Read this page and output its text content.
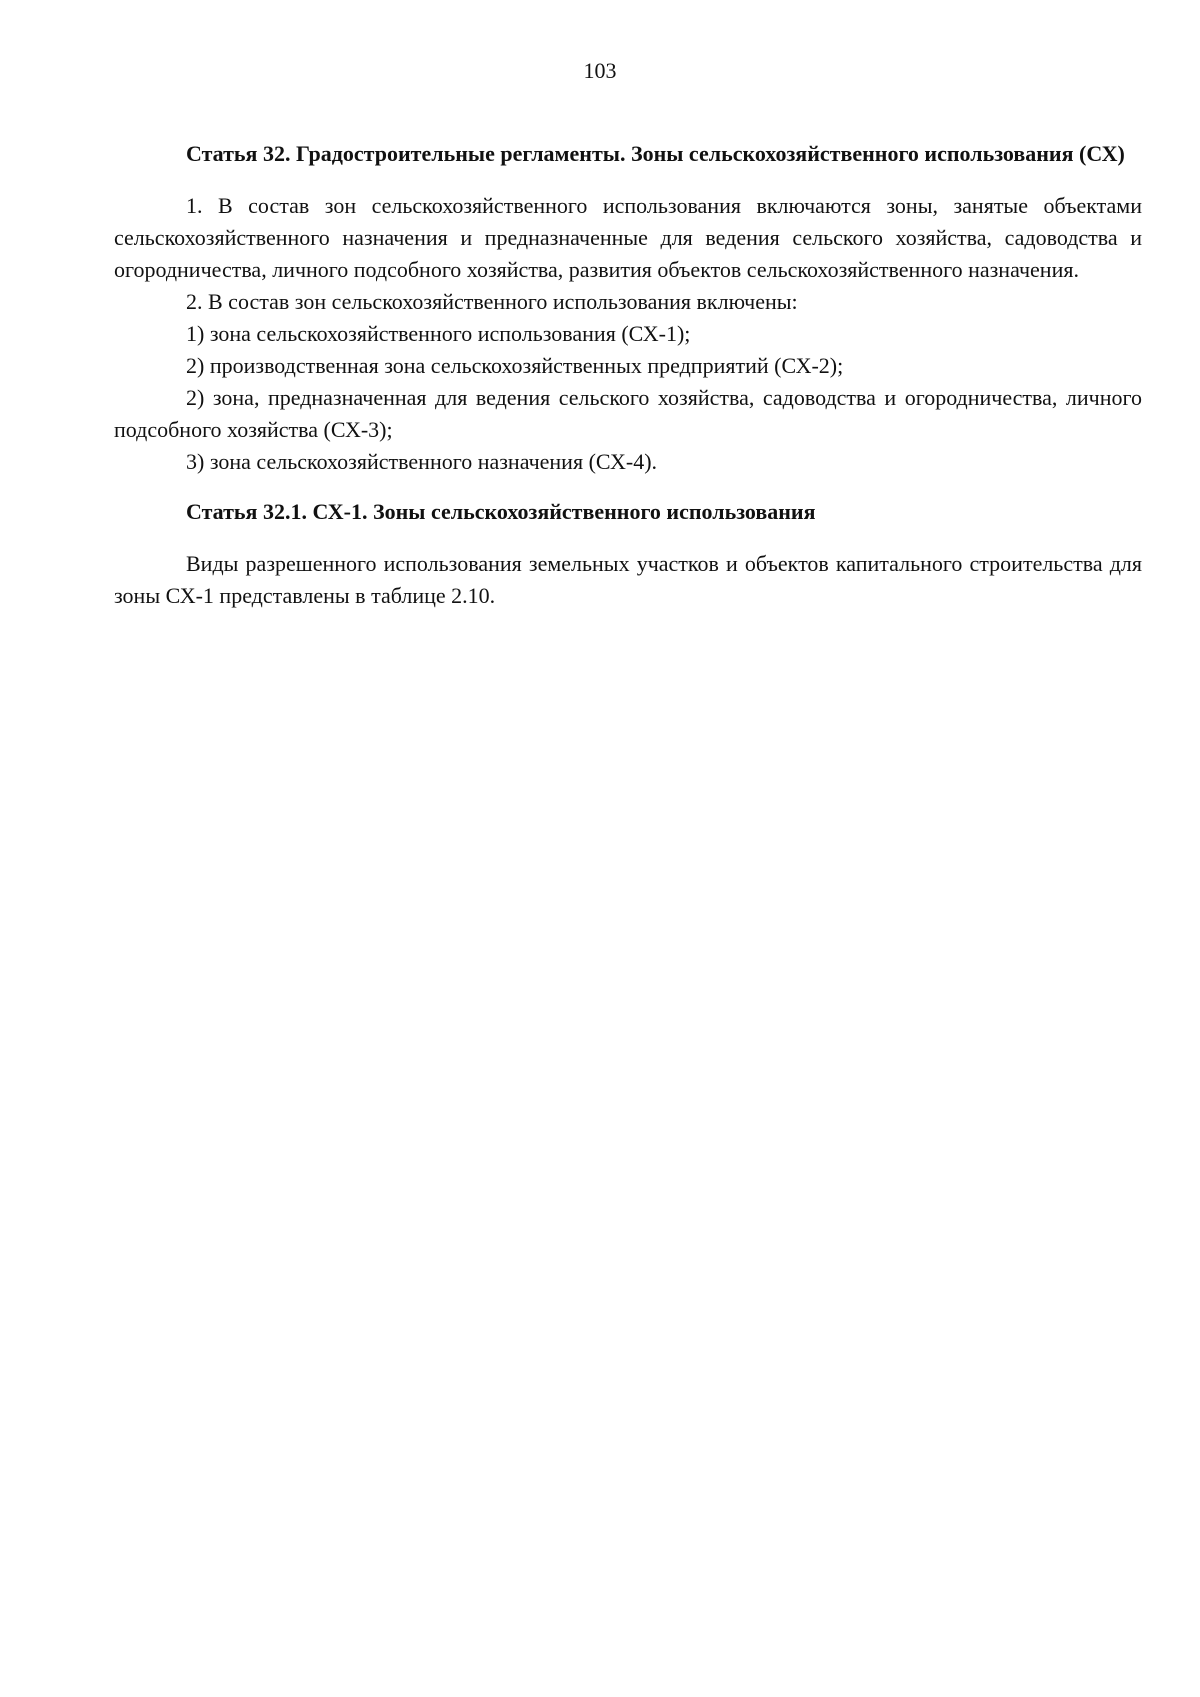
103

Статья 32. Градостроительные регламенты. Зоны сельскохозяйственного использования (СХ)

1. В состав зон сельскохозяйственного использования включаются зоны, занятые объектами сельскохозяйственного назначения и предназначенные для ведения сельского хозяйства, садоводства и огородничества, личного подсобного хозяйства, развития объектов сельскохозяйственного назначения.

2. В состав зон сельскохозяйственного использования включены:

1) зона сельскохозяйственного использования (СХ-1);

2) производственная зона сельскохозяйственных предприятий (СХ-2);

2) зона, предназначенная для ведения сельского хозяйства, садоводства и огородничества, личного подсобного хозяйства (СХ-3);

3) зона сельскохозяйственного назначения (СХ-4).

Статья 32.1. СХ-1. Зоны сельскохозяйственного использования

Виды разрешенного использования земельных участков и объектов капитального строительства для зоны СХ-1 представлены в таблице 2.10.
